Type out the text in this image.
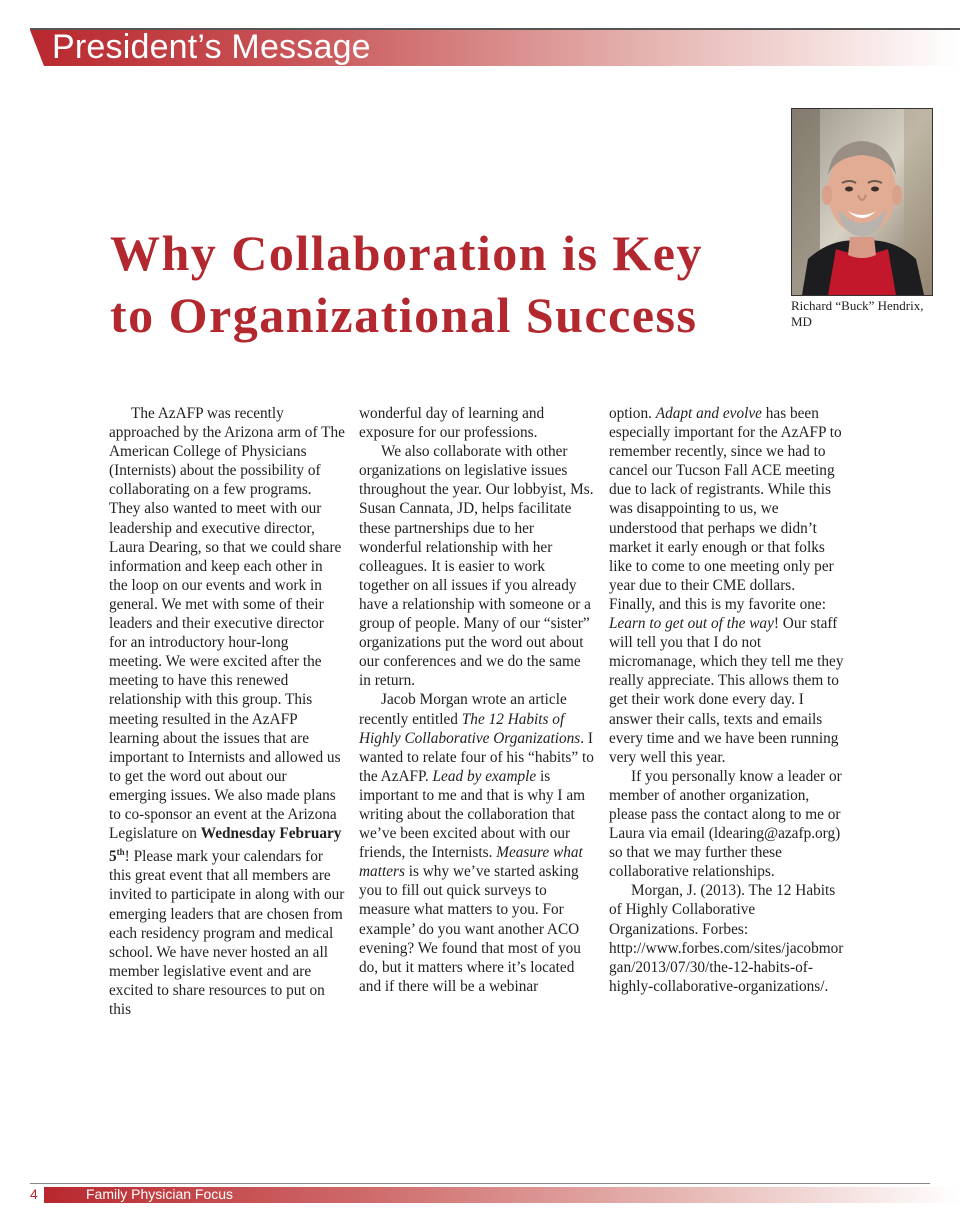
President’s Message
Why Collaboration is Key
to Organizational Success	Richard “Buck” Hendrix, MD

The AzAFP was recently approached by the Arizona arm of The American College of Physicians (Internists) about the possibility of collaborating on a few programs. They also wanted to meet with our leadership and executive director, Laura Dearing, so that we could share information and keep each other in the loop on our events and work in general. We met with some of their leaders and their executive director for an introductory hour-long meeting. We were excited after the meeting to have this renewed relationship with this group. This meeting resulted in the AzAFP learning about the issues that are important to Internists and allowed us to get the word out about our emerging issues. We also made plans to co-sponsor an event at the Arizona Legislature on Wednesday February 5th! Please mark your calendars for this great event that all members are invited to participate in along with our emerging leaders that are chosen from each residency program and medical school. We have never hosted an all member legislative event and are excited to share resources to put on this

wonderful day of learning and exposure for our professions.

We also collaborate with other organizations on legislative issues throughout the year. Our lobbyist, Ms. Susan Cannata, JD, helps facilitate these partnerships due to her wonderful relationship with her colleagues. It is easier to work together on all issues if you already have a relationship with someone or a group of people. Many of our “sister” organizations put the word out about our conferences and we do the same in return.

Jacob Morgan wrote an article recently entitled The 12 Habits of Highly Collaborative Organizations. I wanted to relate four of his “habits” to the AzAFP. Lead by example is important to me and that is why I am writing about the collaboration that we’ve been excited about with our friends, the Internists. Measure what matters is why we’ve started asking you to fill out quick surveys to measure what matters to you. For example’ do you want another ACO evening? We found that most of you do, but it matters where it’s located and if there will be a webinar

option. Adapt and evolve has been especially important for the AzAFP to remember recently, since we had to cancel our Tucson Fall ACE meeting due to lack of registrants. While this was disappointing to us, we understood that perhaps we didn’t market it early enough or that folks like to come to one meeting only per year due to their CME dollars. Finally, and this is my favorite one: Learn to get out of the way! Our staff will tell you that I do not micromanage, which they tell me they really appreciate. This allows them to get their work done every day. I answer their calls, texts and emails every time and we have been running very well this year.

If you personally know a leader or member of another organization, please pass the contact along to me or Laura via email (ldearing@azafp.org) so that we may further these collaborative relationships.

Morgan, J. (2013). The 12 Habits of Highly Collaborative Organizations. Forbes: http://www.forbes.com/sites/jacobmorgan/2013/07/30/the-12-habits-of-highly-collaborative-organizations/.

4	Family Physician Focus
